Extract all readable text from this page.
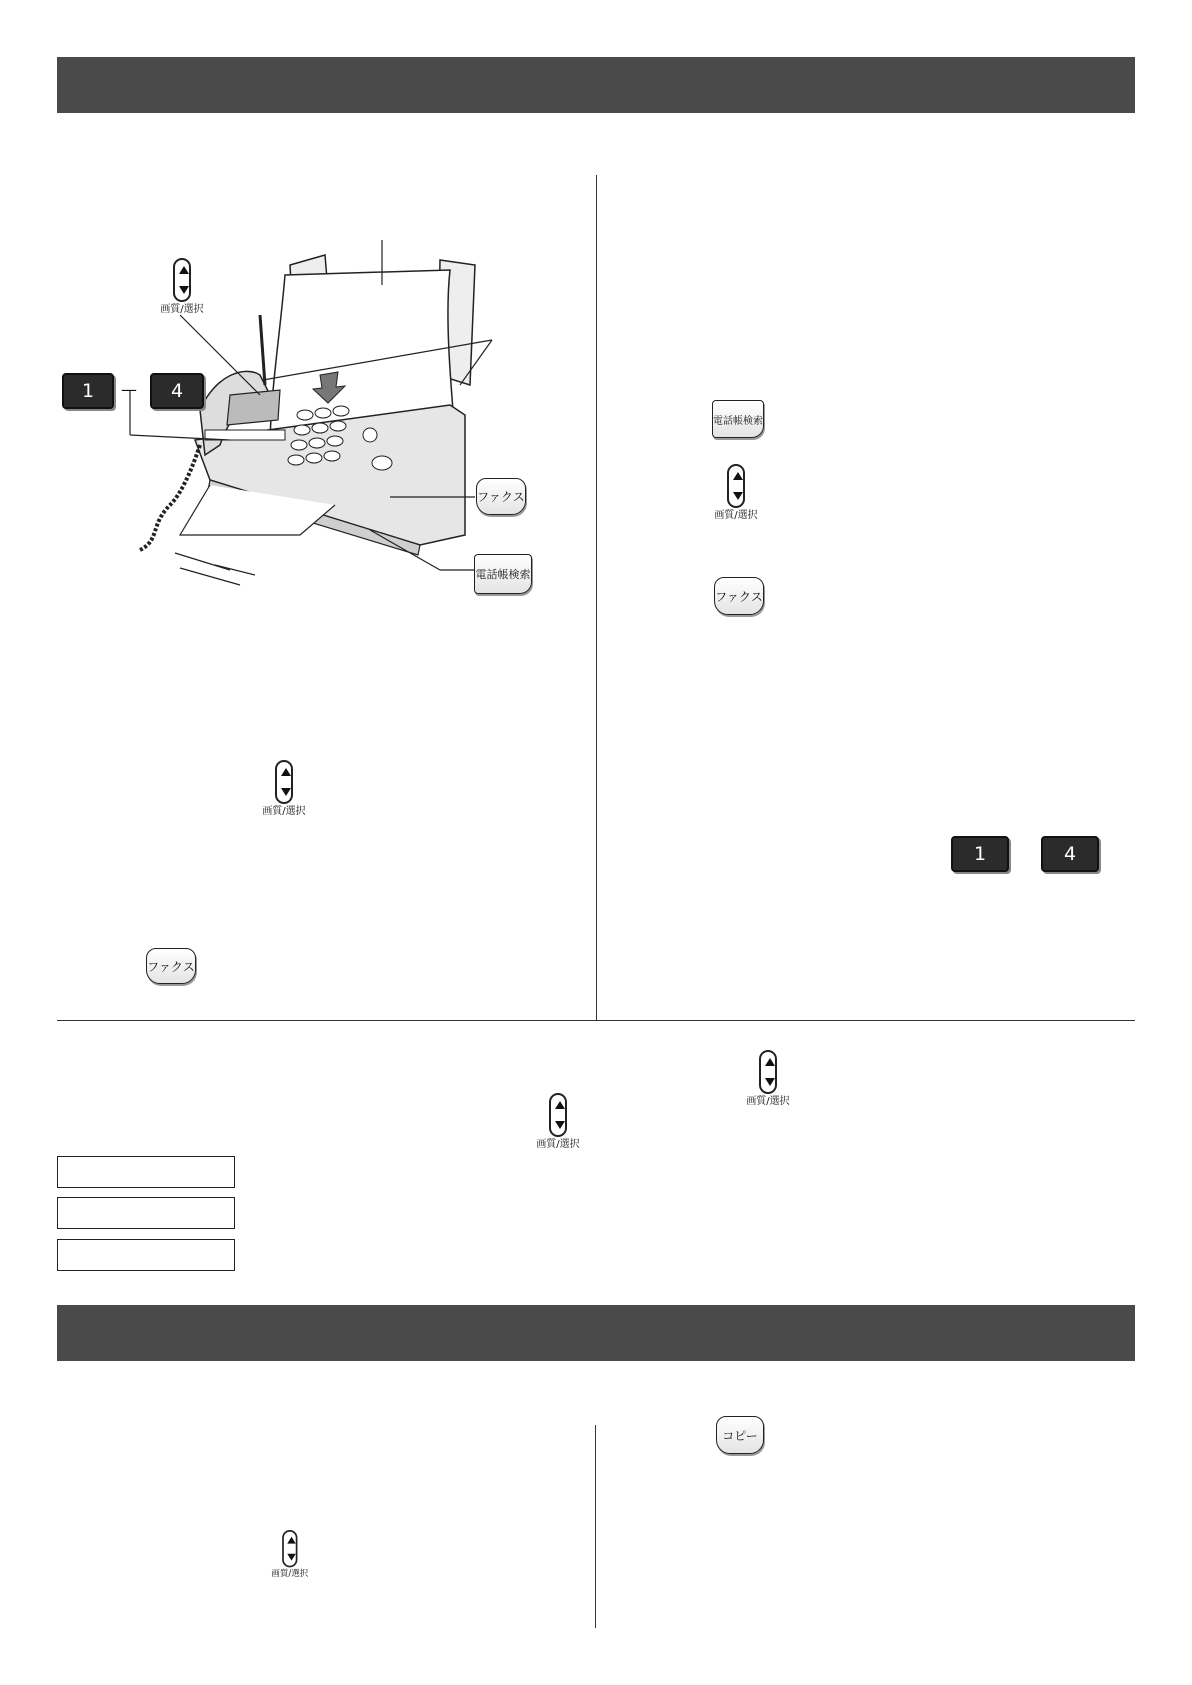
画質/選択
1	—	4
ファクス
電話帳検索
画質/選択
ファクス
電話帳検索
画質/選択
ファクス
1	4
画質/選択
画質/選択
コピー
画質/選択
